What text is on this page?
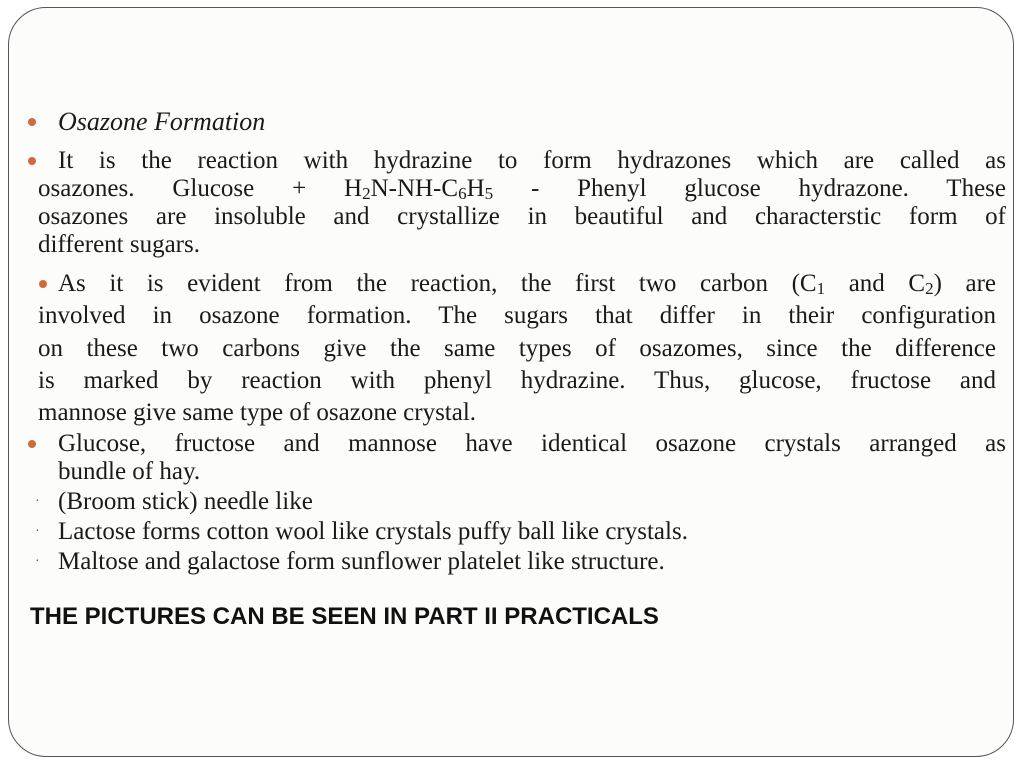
Osazone Formation
It is the reaction with hydrazine to form hydrazones which are called as
osazones. $Glucose + H_2N-NH-C_6H_5$ - Phenyl glucose hydrazone. These
osazones are insoluble and crystallize in beautiful and characterstic form of
different sugars.
As it is evident from the reaction, the first two carbon ($C_1$ and $C_2$) are
involved in osazone formation. The sugars that differ in their configuration
on these two carbons give the same types of osazomes, since the difference
is marked by reaction with phenyl hydrazine. Thus, glucose, fructose and
mannose give same type of osazone crystal.
Glucose, fructose and mannose have identical osazone crystals arranged as
bundle of hay.
· (Broom stick) needle like
· Lactose forms cotton wool like crystals puffy ball like crystals.
· Maltose and galactose form sunflower platelet like structure.
THE PICTURES CAN BE SEEN IN PART II PRACTICALS
